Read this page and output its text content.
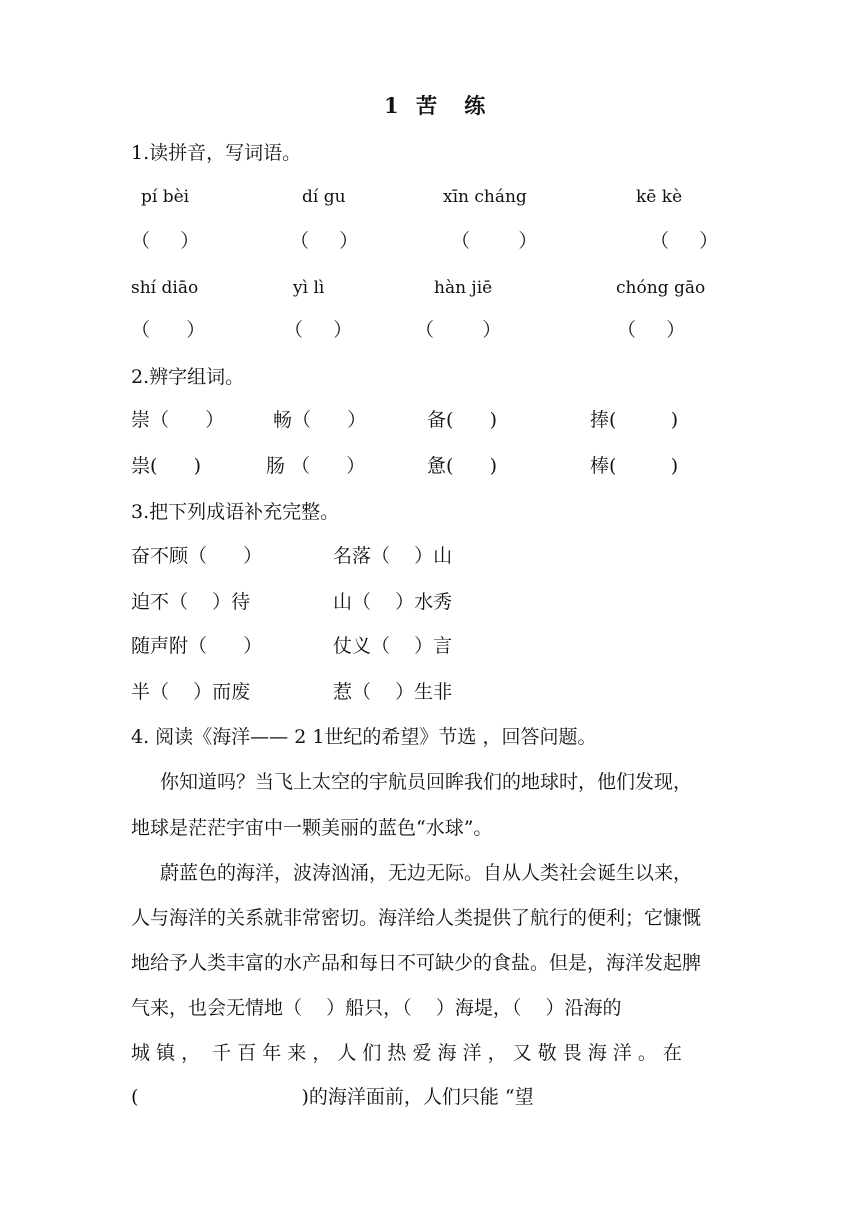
1 苦 练
1.读拼音，写词语。
pí bèi	dí gu	xīn cháng	kē kè
（     ）	（     ）	（        ）	（     ）
shí diāo	yì lì	hàn jiē	chóng gāo
（      ）	（     ）	（        ）	（     ）
2.辨字组词。
崇（      ）	畅（      ）	备(      )	捧(         )
祟(      )	肠 （      ）	惫(      )	棒(         )
3.把下列成语补充完整。
奋不顾（      ）	名落（    ）山
迫不（    ）待	山（    ）水秀
随声附（      ）	仗义（    ）言
半（    ）而废	惹（    ）生非
4. 阅读《海洋—— 2 1世纪的希望》节选 ，回答问题。
你知道吗？当飞上太空的宇航员回眸我们的地球时，他们发现，
地球是茫茫宇宙中一颗美丽的蓝色“水球”。
蔚蓝色的海洋，波涛汹涌，无边无际。自从人类社会诞生以来，
人与海洋的关系就非常密切。海洋给人类提供了航行的便利；它慷慨
地给予人类丰富的水产品和每日不可缺少的食盐。但是，海洋发起脾
气来，也会无情地（    ）船只，（    ）海堤，（    ）沿海的
城 镇 ，  千 百 年 来 ， 人 们 热 爱 海 洋 ， 又 敬 畏 海 洋 。 在
(                           )的海洋面前，人们只能 “望
